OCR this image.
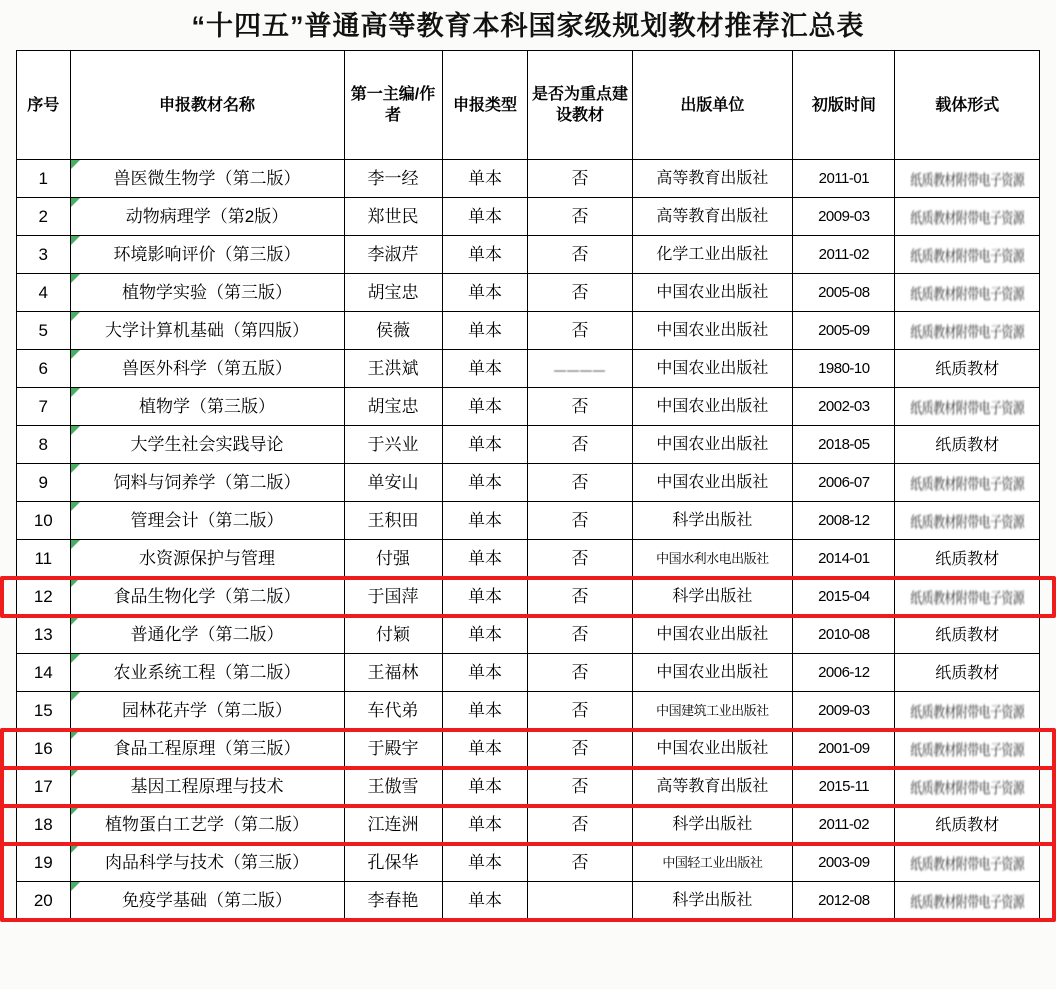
“十四五”普通高等教育本科国家级规划教材推荐汇总表
序号	申报教材名称	第一主编/作者	申报类型	是否为重点建设教材	出版单位	初版时间	载体形式
1	兽医微生物学（第二版）	李一经	单本	否	高等教育出版社	2011-01	纸质教材附带电子资源
2	动物病理学（第2版）	郑世民	单本	否	高等教育出版社	2009-03	纸质教材附带电子资源
3	环境影响评价（第三版）	李淑芹	单本	否	化学工业出版社	2011-02	纸质教材附带电子资源
4	植物学实验（第三版）	胡宝忠	单本	否	中国农业出版社	2005-08	纸质教材附带电子资源
5	大学计算机基础（第四版）	侯薇	单本	否	中国农业出版社	2005-09	纸质教材附带电子资源
6	兽医外科学（第五版）	王洪斌	单本	————	中国农业出版社	1980-10	纸质教材
7	植物学（第三版）	胡宝忠	单本	否	中国农业出版社	2002-03	纸质教材附带电子资源
8	大学生社会实践导论	于兴业	单本	否	中国农业出版社	2018-05	纸质教材
9	饲料与饲养学（第二版）	单安山	单本	否	中国农业出版社	2006-07	纸质教材附带电子资源
10	管理会计（第二版）	王积田	单本	否	科学出版社	2008-12	纸质教材附带电子资源
11	水资源保护与管理	付强	单本	否	中国水利水电出版社	2014-01	纸质教材
12	食品生物化学（第二版）	于国萍	单本	否	科学出版社	2015-04	纸质教材附带电子资源
13	普通化学（第二版）	付颖	单本	否	中国农业出版社	2010-08	纸质教材
14	农业系统工程（第二版）	王福林	单本	否	中国农业出版社	2006-12	纸质教材
15	园林花卉学（第二版）	车代弟	单本	否	中国建筑工业出版社	2009-03	纸质教材附带电子资源
16	食品工程原理（第三版）	于殿宇	单本	否	中国农业出版社	2001-09	纸质教材附带电子资源
17	基因工程原理与技术	王傲雪	单本	否	高等教育出版社	2015-11	纸质教材附带电子资源
18	植物蛋白工艺学（第二版）	江连洲	单本	否	科学出版社	2011-02	纸质教材
19	肉品科学与技术（第三版）	孔保华	单本	否	中国轻工业出版社	2003-09	纸质教材附带电子资源
20	免疫学基础（第二版）	李春艳	单本		科学出版社	2012-08	纸质教材附带电子资源
